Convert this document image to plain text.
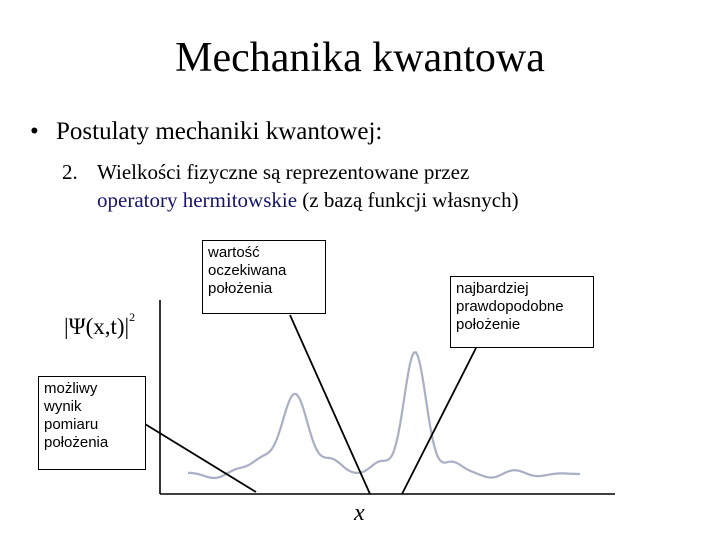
Mechanika kwantowa
• Postulaty mechaniki kwantowej:
2. Wielkości fizyczne są reprezentowane przez
operatory hermitowskie (z bazą funkcji własnych)
$|\Psi(x,t)|^2$
x
wartość
oczekiwana
położenia	najbardziej
prawdopodobne
położenie
możliwy
wynik
pomiaru
położenia
